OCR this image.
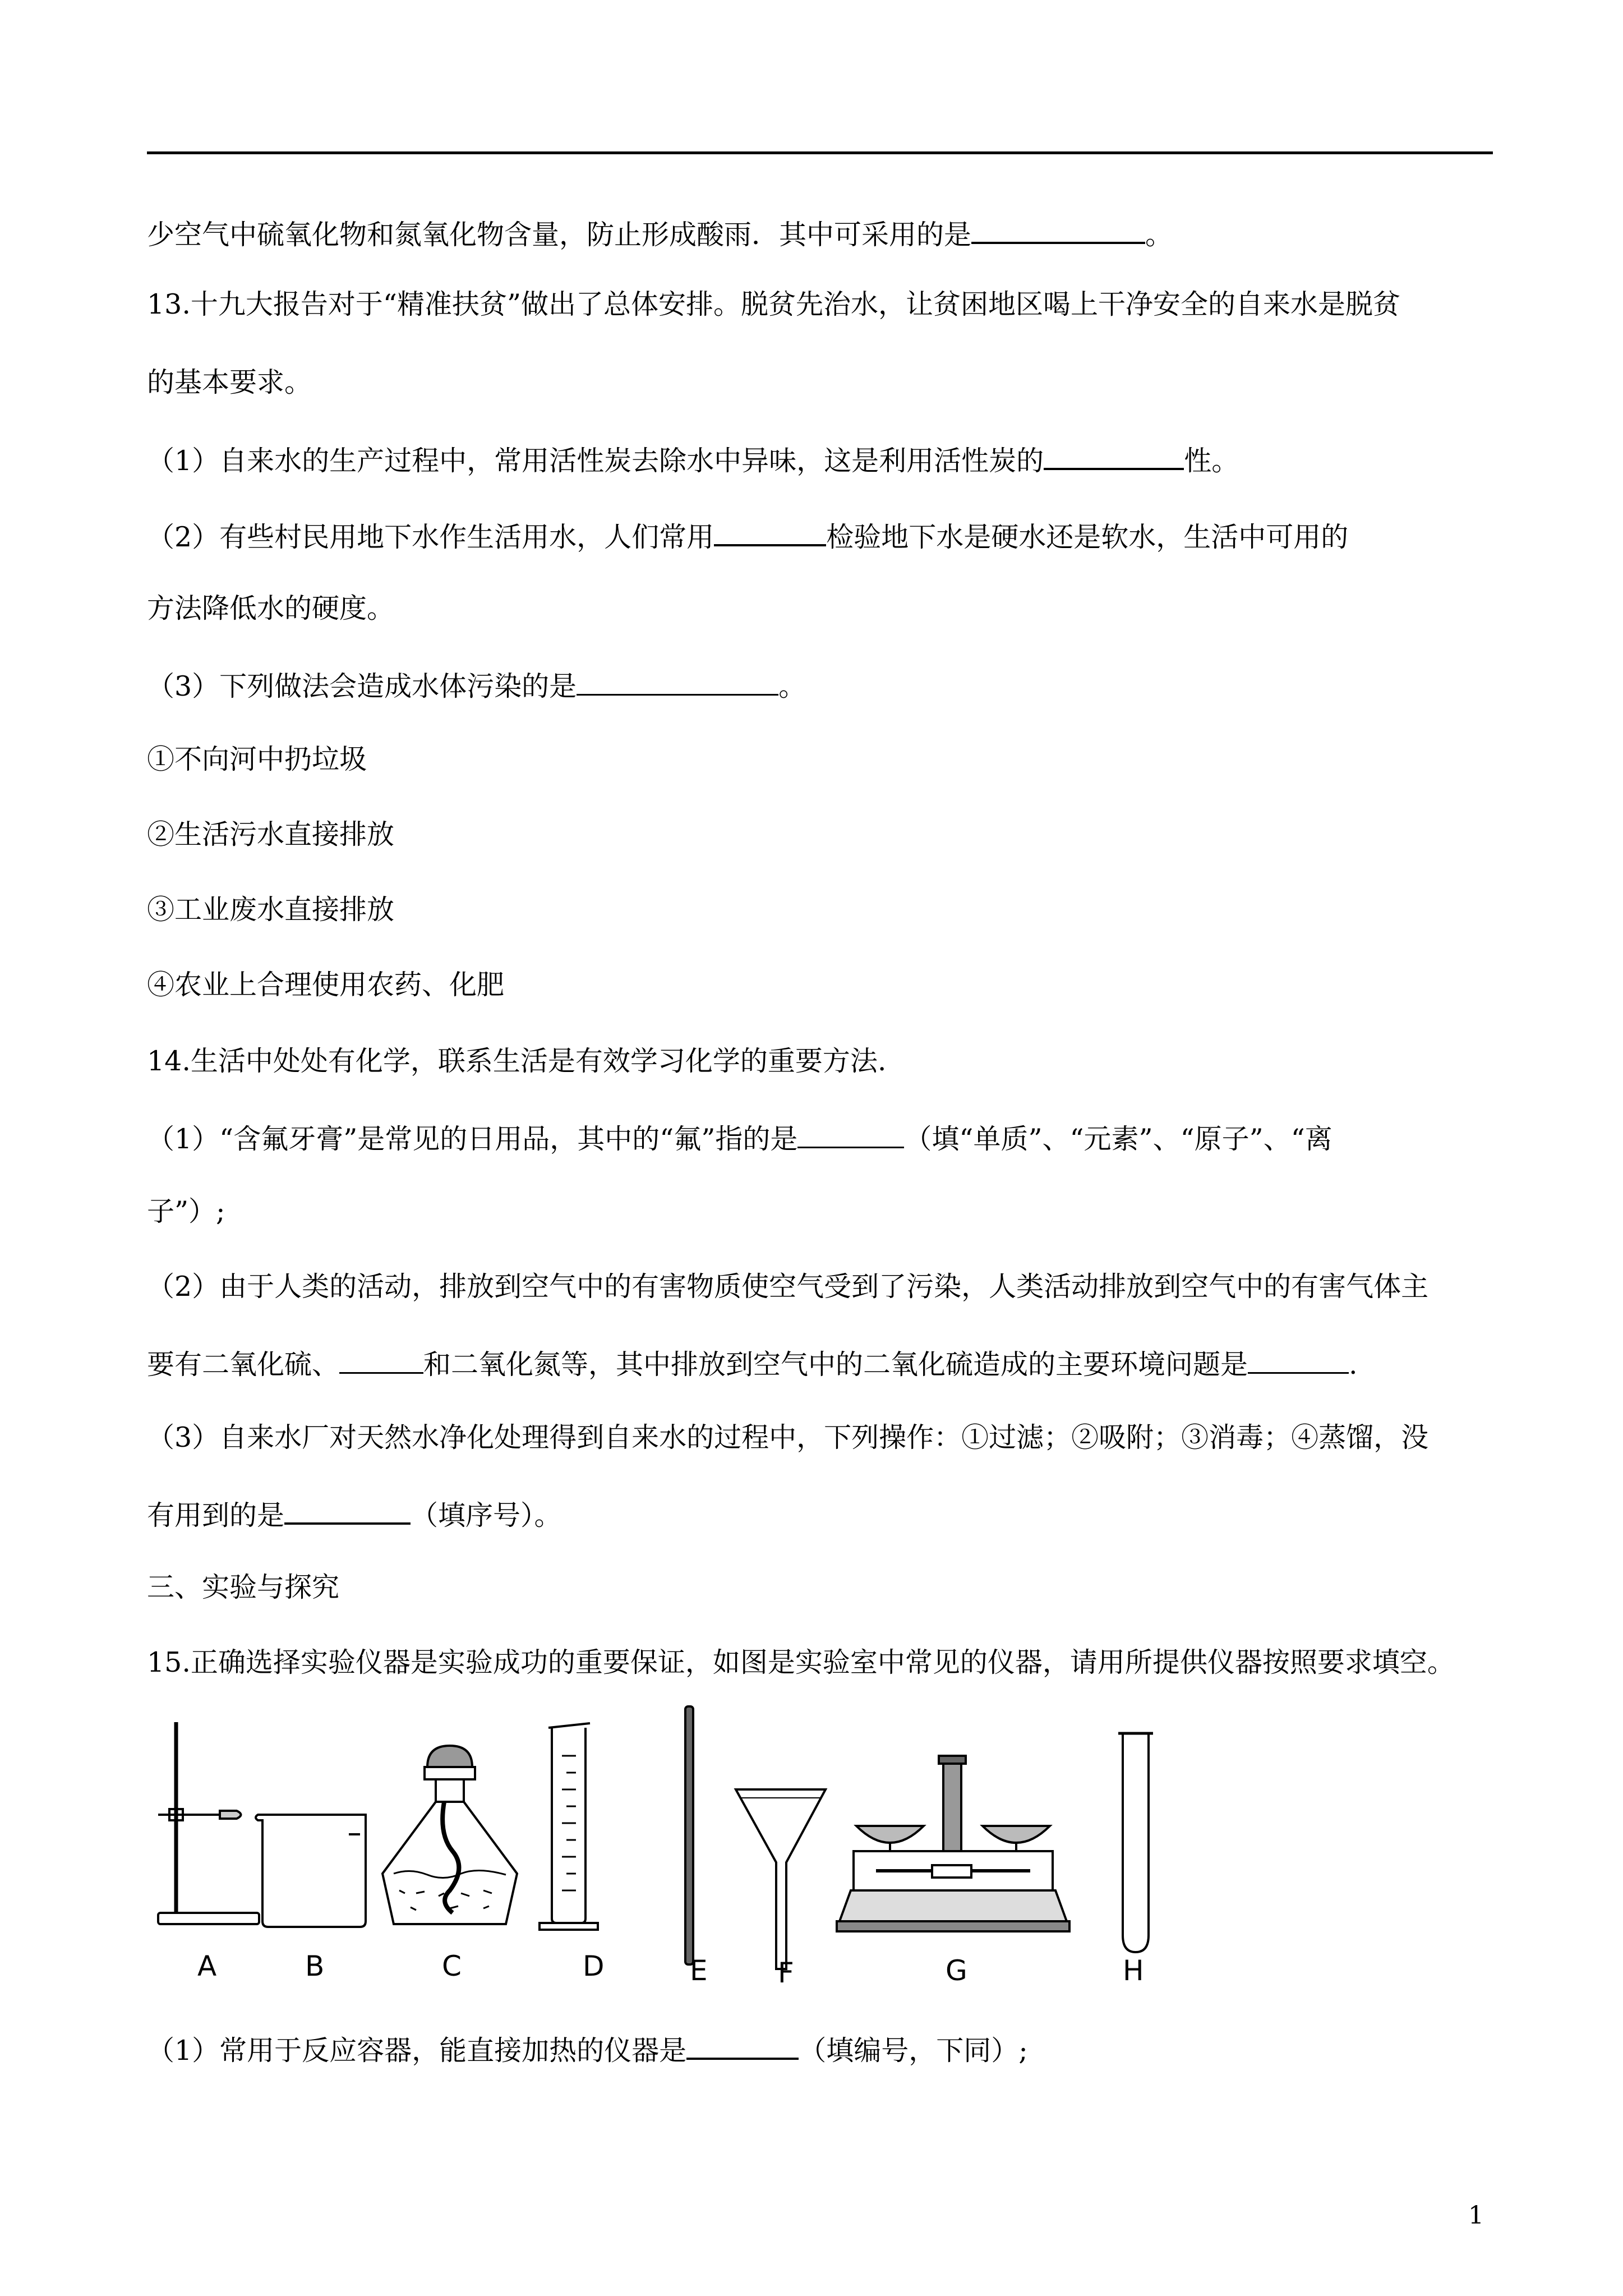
少空气中硫氧化物和氮氧化物含量，防止形成酸雨．其中可采用的是	。
13.十九大报告对于“精准扶贫”做出了总体安排。脱贫先治水，让贫困地区喝上干净安全的自来水是脱贫
的基本要求。
（1）自来水的生产过程中，常用活性炭去除水中异味，这是利用活性炭的	性。
（2）有些村民用地下水作生活用水，人们常用	检验地下水是硬水还是软水，生活中可用的
方法降低水的硬度。
（3）下列做法会造成水体污染的是	。
①不向河中扔垃圾
②生活污水直接排放
③工业废水直接排放
④农业上合理使用农药、化肥
14.生活中处处有化学，联系生活是有效学习化学的重要方法.
（1）“含氟牙膏”是常见的日用品，其中的“氟”指的是	（填“单质”、“元素”、“原子”、“离
子”）;
（2）由于人类的活动，排放到空气中的有害物质使空气受到了污染，人类活动排放到空气中的有害气体主
要有二氧化硫、	和二氧化氮等，其中排放到空气中的二氧化硫造成的主要环境问题是	.
（3）自来水厂对天然水净化处理得到自来水的过程中，下列操作：①过滤；②吸附；③消毒；④蒸馏，没
有用到的是	（填序号）。
三、实验与探究
15.正确选择实验仪器是实验成功的重要保证，如图是实验室中常见的仪器，请用所提供仪器按照要求填空。
A	B	C	D	E	F	G	H
（1）常用于反应容器，能直接加热的仪器是	（填编号，下同）;
1
